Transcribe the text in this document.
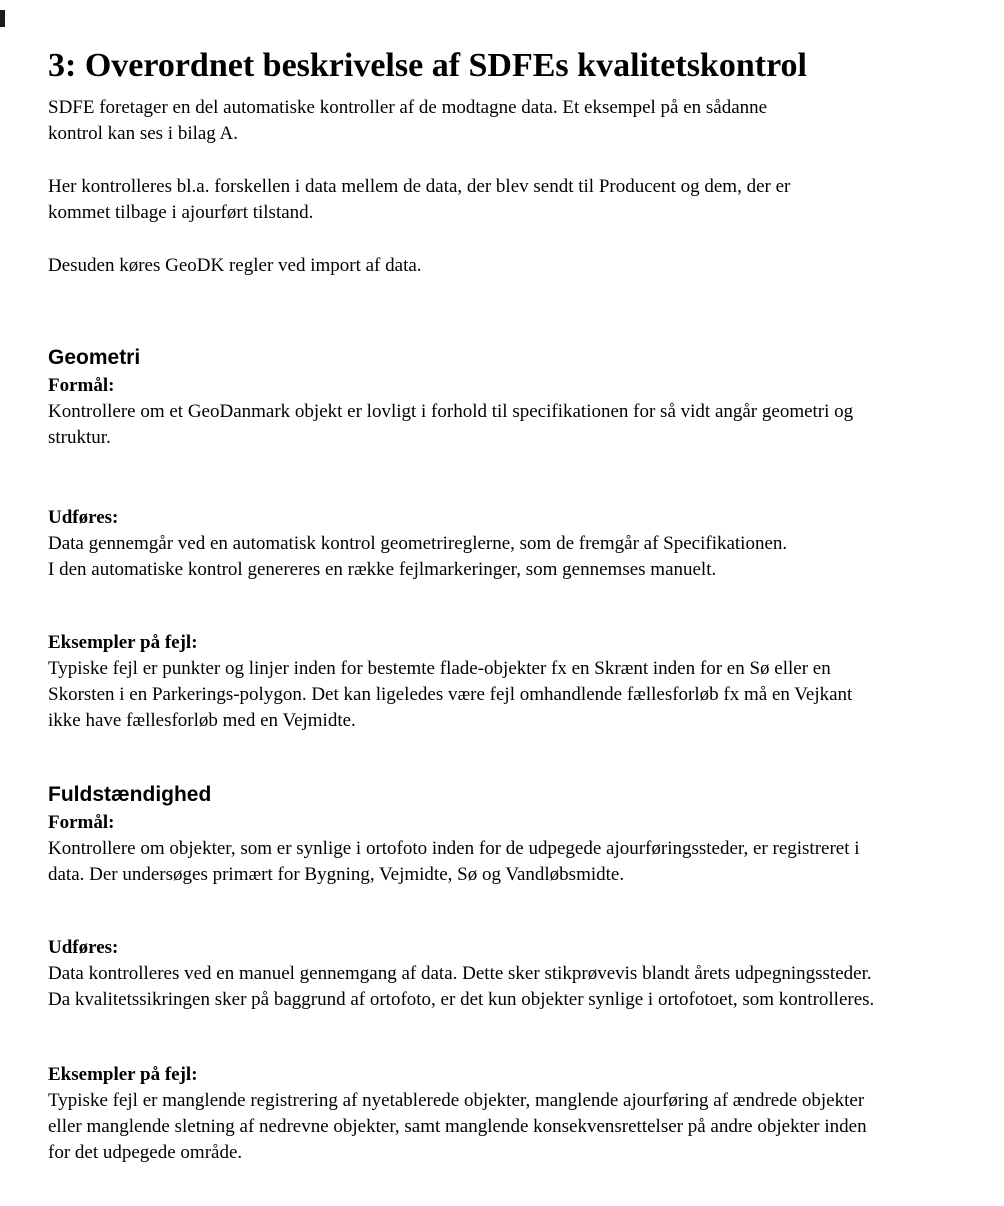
3: Overordnet beskrivelse af SDFEs kvalitetskontrol

SDFE foretager en del automatiske kontroller af de modtagne data. Et eksempel på en sådanne
kontrol kan ses i bilag A.

Her kontrolleres bl.a. forskellen i data mellem de data, der blev sendt til Producent og dem, der er
kommet tilbage i ajourført tilstand.

Desuden køres GeoDK regler ved import af data.

Geometri
Formål:
Kontrollere om et GeoDanmark objekt er lovligt i forhold til specifikationen for så vidt angår geometri og
struktur.
Udføres:
Data gennemgår ved en automatisk kontrol geometrireglerne, som de fremgår af Specifikationen.
I den automatiske kontrol genereres en række fejlmarkeringer, som gennemses manuelt.
Eksempler på fejl:
Typiske fejl er punkter og linjer inden for bestemte flade-objekter fx en Skrænt inden for en Sø eller en
Skorsten i en Parkerings-polygon. Det kan ligeledes være fejl omhandlende fællesforløb fx må en Vejkant
ikke have fællesforløb med en Vejmidte.
Fuldstændighed
Formål:
Kontrollere om objekter, som er synlige i ortofoto inden for de udpegede ajourføringssteder, er registreret i
data. Der undersøges primært for Bygning, Vejmidte, Sø og Vandløbsmidte.
Udføres:
Data kontrolleres ved en manuel gennemgang af data. Dette sker stikprøvevis blandt årets udpegningssteder.
Da kvalitetssikringen sker på baggrund af ortofoto, er det kun objekter synlige i ortofotoet, som kontrolleres.
Eksempler på fejl:
Typiske fejl er manglende registrering af nyetablerede objekter, manglende ajourføring af ændrede objekter
eller manglende sletning af nedrevne objekter, samt manglende konsekvensrettelser på andre objekter inden
for det udpegede område.
